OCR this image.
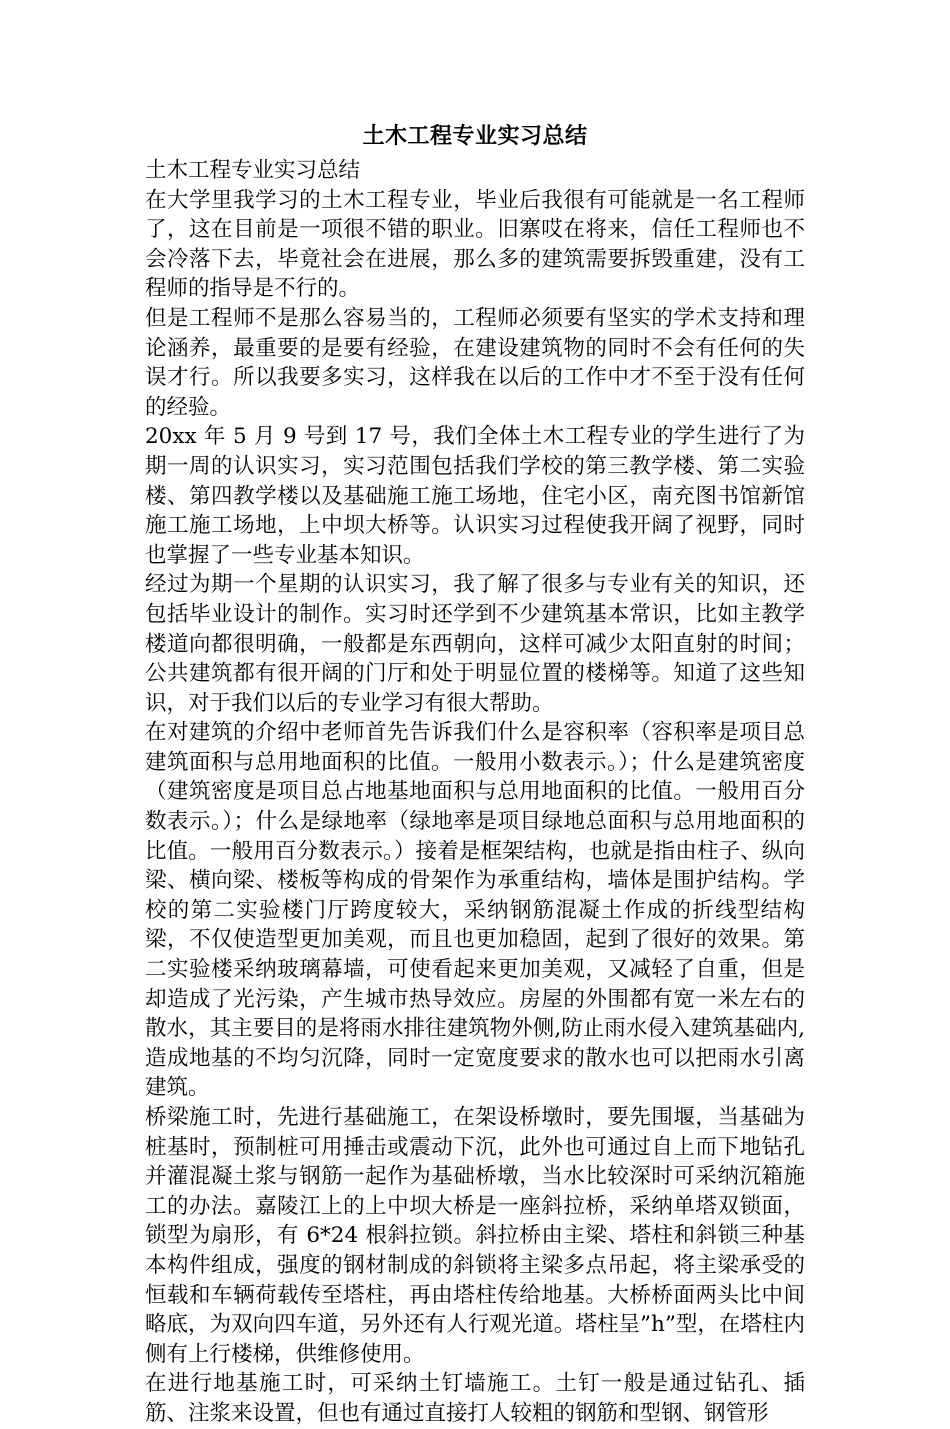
土木工程专业实习总结

土木工程专业实习总结

在大学里我学习的土木工程专业，毕业后我很有可能就是一名工程师了，这在目前是一项很不错的职业。旧寨哎在将来，信任工程师也不会冷落下去，毕竟社会在进展，那么多的建筑需要拆毁重建，没有工程师的指导是不行的。

但是工程师不是那么容易当的，工程师必须要有坚实的学术支持和理论涵养，最重要的是要有经验，在建设建筑物的同时不会有任何的失误才行。所以我要多实习，这样我在以后的工作中才不至于没有任何的经验。

20xx 年 5 月 9 号到 17 号，我们全体土木工程专业的学生进行了为期一周的认识实习，实习范围包括我们学校的第三教学楼、第二实验楼、第四教学楼以及基础施工施工场地，住宅小区，南充图书馆新馆施工施工场地，上中坝大桥等。认识实习过程使我开阔了视野，同时也掌握了一些专业基本知识。

经过为期一个星期的认识实习，我了解了很多与专业有关的知识，还包括毕业设计的制作。实习时还学到不少建筑基本常识，比如主教学楼道向都很明确，一般都是东西朝向，这样可减少太阳直射的时间；公共建筑都有很开阔的门厅和处于明显位置的楼梯等。知道了这些知识，对于我们以后的专业学习有很大帮助。

在对建筑的介绍中老师首先告诉我们什么是容积率（容积率是项目总建筑面积与总用地面积的比值。一般用小数表示。）；什么是建筑密度（建筑密度是项目总占地基地面积与总用地面积的比值。一般用百分数表示。）；什么是绿地率（绿地率是项目绿地总面积与总用地面积的比值。一般用百分数表示。）接着是框架结构，也就是指由柱子、纵向梁、横向梁、楼板等构成的骨架作为承重结构，墙体是围护结构。学校的第二实验楼门厅跨度较大，采纳钢筋混凝土作成的折线型结构梁，不仅使造型更加美观，而且也更加稳固，起到了很好的效果。第二实验楼采纳玻璃幕墙，可使看起来更加美观，又减轻了自重，但是却造成了光污染，产生城市热导效应。房屋的外围都有宽一米左右的散水，其主要目的是将雨水排往建筑物外侧,防止雨水侵入建筑基础内,造成地基的不均匀沉降，同时一定宽度要求的散水也可以把雨水引离建筑。

桥梁施工时，先进行基础施工，在架设桥墩时，要先围堰，当基础为桩基时，预制桩可用捶击或震动下沉，此外也可通过自上而下地钻孔并灌混凝土浆与钢筋一起作为基础桥墩，当水比较深时可采纳沉箱施工的办法。嘉陵江上的上中坝大桥是一座斜拉桥，采纳单塔双锁面，锁型为扇形，有 6*24 根斜拉锁。斜拉桥由主梁、塔柱和斜锁三种基本构件组成，强度的钢材制成的斜锁将主梁多点吊起，将主梁承受的恒载和车辆荷载传至塔柱，再由塔柱传给地基。大桥桥面两头比中间略底，为双向四车道，另外还有人行观光道。塔柱呈”h”型，在塔柱内侧有上行楼梯，供维修使用。

在进行地基施工时，可采纳土钉墙施工。土钉一般是通过钻孔、插筋、注浆来设置，但也有通过直接打人较粗的钢筋和型钢、钢管形
